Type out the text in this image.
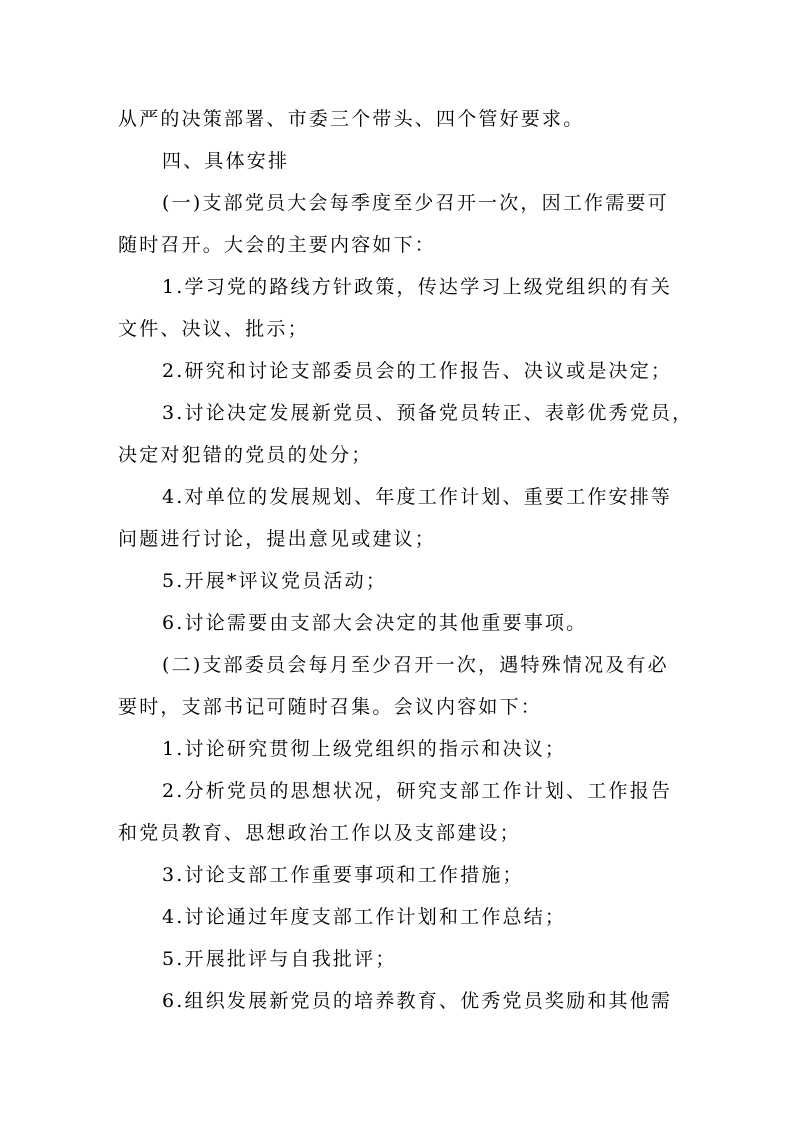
从严的决策部署、市委三个带头、四个管好要求。
四、具体安排
(一)支部党员大会每季度至少召开一次，因工作需要可
随时召开。大会的主要内容如下：
1.学习党的路线方针政策，传达学习上级党组织的有关
文件、决议、批示；
2.研究和讨论支部委员会的工作报告、决议或是决定；
3.讨论决定发展新党员、预备党员转正、表彰优秀党员，
决定对犯错的党员的处分；
4.对单位的发展规划、年度工作计划、重要工作安排等
问题进行讨论，提出意见或建议；
5.开展*评议党员活动；
6.讨论需要由支部大会决定的其他重要事项。
(二)支部委员会每月至少召开一次，遇特殊情况及有必
要时，支部书记可随时召集。会议内容如下：
1.讨论研究贯彻上级党组织的指示和决议；
2.分析党员的思想状况，研究支部工作计划、工作报告
和党员教育、思想政治工作以及支部建设；
3.讨论支部工作重要事项和工作措施；
4.讨论通过年度支部工作计划和工作总结；
5.开展批评与自我批评；
6.组织发展新党员的培养教育、优秀党员奖励和其他需
